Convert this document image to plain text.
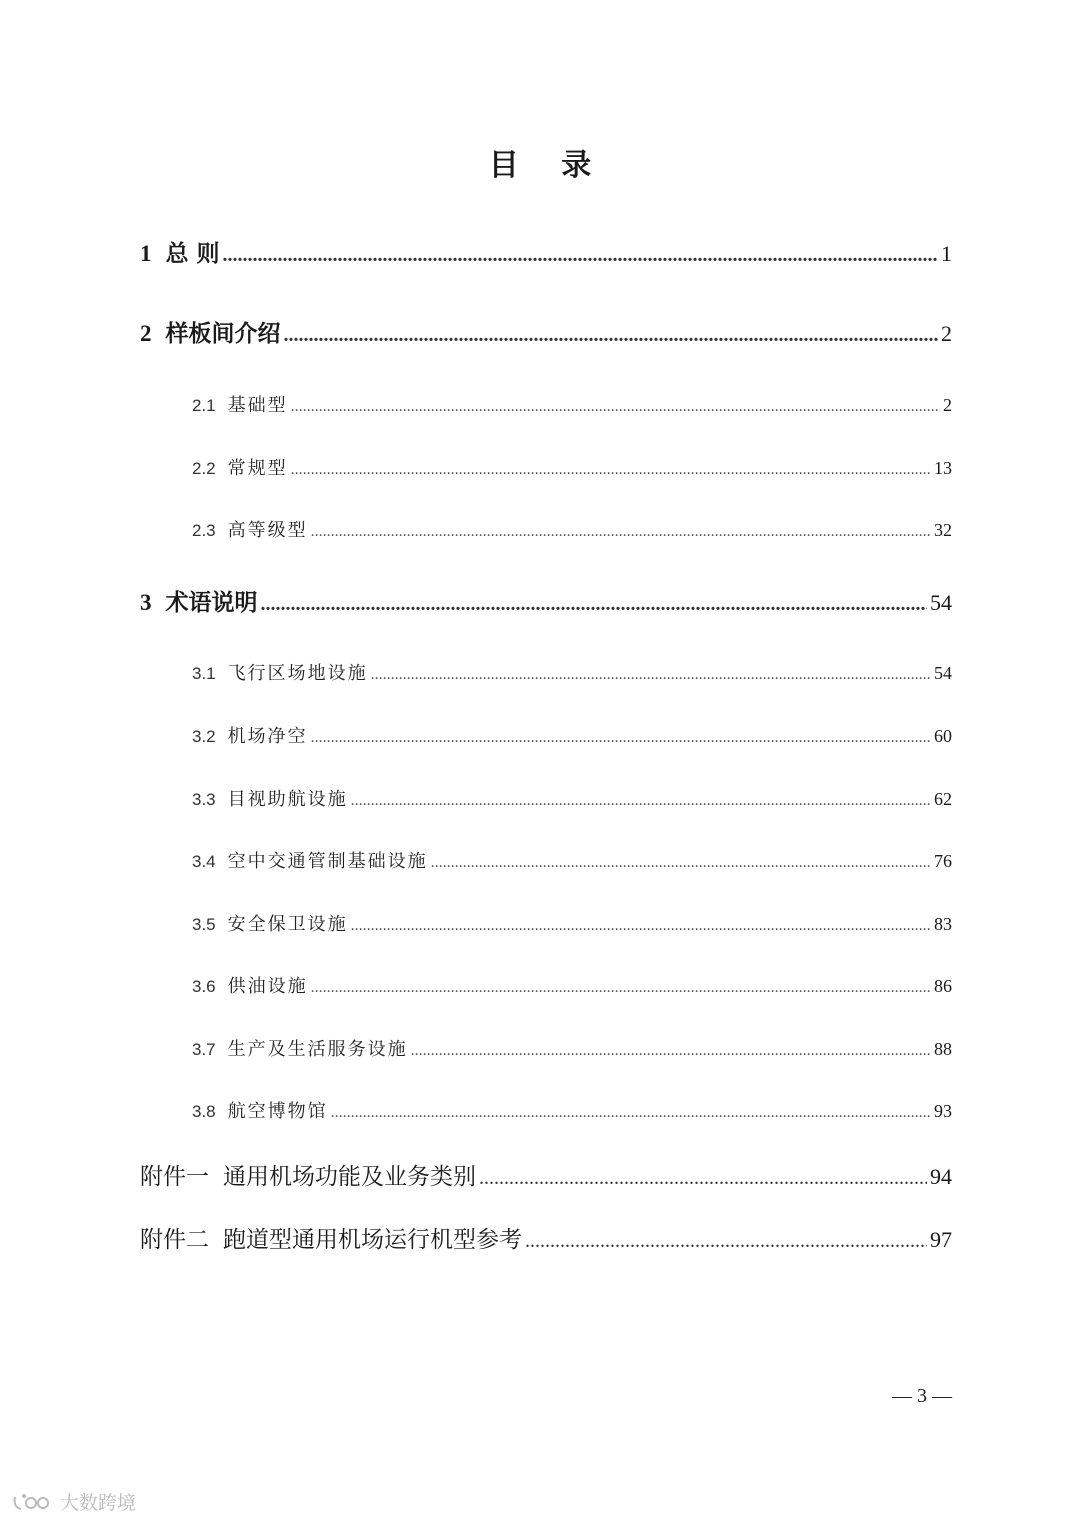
目 录
1 总 则 .....	1
2 样板间介绍 .....	2
2.1 基础型 .....	2
2.2 常规型 .....	13
2.3 高等级型 .....	32
3 术语说明 .....	54
3.1 飞行区场地设施 .....	54
3.2 机场净空 .....	60
3.3 目视助航设施 .....	62
3.4 空中交通管制基础设施 .....	76
3.5 安全保卫设施 .....	83
3.6 供油设施 .....	86
3.7 生产及生活服务设施 .....	88
3.8 航空博物馆 .....	93
附件一 通用机场功能及业务类别 .....	94
附件二 跑道型通用机场运行机型参考 .....	97
— 3 —
大数跨境
